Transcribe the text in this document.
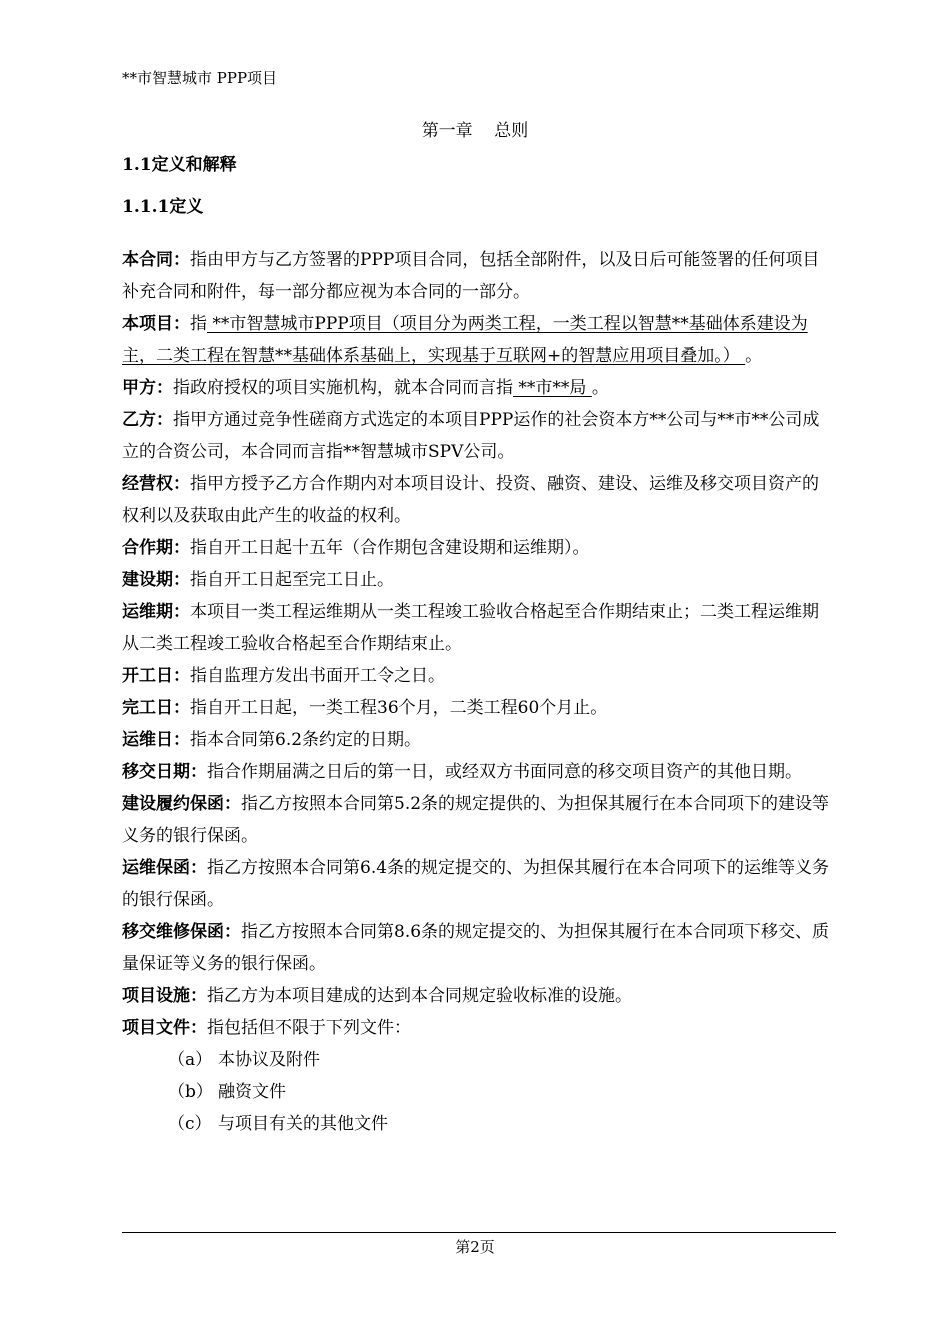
**市智慧城市 PPP项目
第一章    总则
1.1定义和解释
1.1.1定义

本合同：指由甲方与乙方签署的PPP项目合同，包括全部附件，以及日后可能签署的任何项目补充合同和附件，每一部分都应视为本合同的一部分。

本项目：指 **市智慧城市PPP项目（项目分为两类工程，一类工程以智慧**基础体系建设为主，二类工程在智慧**基础体系基础上，实现基于互联网+的智慧应用项目叠加。） 。

甲方：指政府授权的项目实施机构，就本合同而言指 **市**局 。

乙方：指甲方通过竞争性磋商方式选定的本项目PPP运作的社会资本方**公司与**市**公司成立的合资公司，本合同而言指**智慧城市SPV公司。

经营权：指甲方授予乙方合作期内对本项目设计、投资、融资、建设、运维及移交项目资产的权利以及获取由此产生的收益的权利。

合作期：指自开工日起十五年（合作期包含建设期和运维期）。

建设期：指自开工日起至完工日止。

运维期：本项目一类工程运维期从一类工程竣工验收合格起至合作期结束止；二类工程运维期从二类工程竣工验收合格起至合作期结束止。

开工日：指自监理方发出书面开工令之日。

完工日：指自开工日起，一类工程36个月，二类工程60个月止。

运维日：指本合同第6.2条约定的日期。

移交日期：指合作期届满之日后的第一日，或经双方书面同意的移交项目资产的其他日期。

建设履约保函：指乙方按照本合同第5.2条的规定提供的、为担保其履行在本合同项下的建设等义务的银行保函。

运维保函：指乙方按照本合同第6.4条的规定提交的、为担保其履行在本合同项下的运维等义务的银行保函。

移交维修保函：指乙方按照本合同第8.6条的规定提交的、为担保其履行在本合同项下移交、质量保证等义务的银行保函。

项目设施：指乙方为本项目建成的达到本合同规定验收标准的设施。

项目文件：指包括但不限于下列文件：

（a） 本协议及附件

（b） 融资文件

（c） 与项目有关的其他文件

第2页
